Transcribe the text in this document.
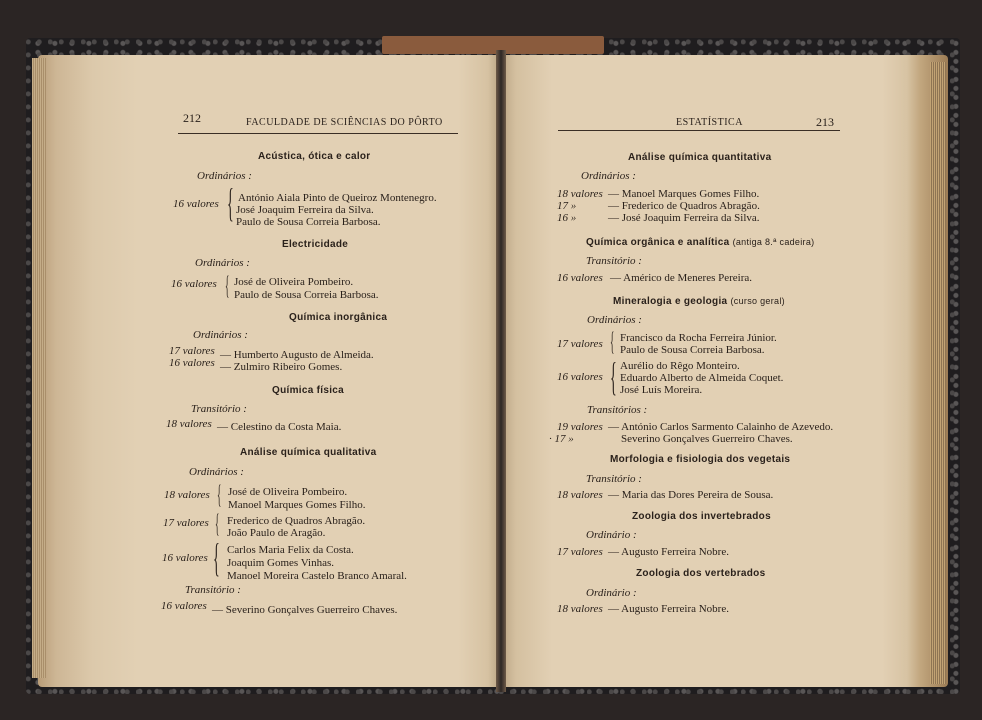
212	FACULDADE DE SCIÊNCIAS DO PÔRTO
Acústica, ótica e calor
Ordinários :
16 valores { António Aiala Pinto de Queiroz Montenegro.
José Joaquim Ferreira da Silva.
Paulo de Sousa Correia Barbosa.
Electricidade
Ordinários :
16 valores { José de Oliveira Pombeiro.
Paulo de Sousa Correia Barbosa.
Química inorgânica
Ordinários :
17 valores — Humberto Augusto de Almeida.
16 valores — Zulmiro Ribeiro Gomes.
Química física
Transitório :
18 valores — Celestino da Costa Maia.
Análise química qualitativa
Ordinários :
18 valores { José de Oliveira Pombeiro.
Manoel Marques Gomes Filho.
17 valores { Frederico de Quadros Abragão.
João Paulo de Aragão.
16 valores { Carlos Maria Felix da Costa.
Joaquim Gomes Vinhas.
Manoel Moreira Castelo Branco Amaral.
Transitório :
16 valores — Severino Gonçalves Guerreiro Chaves.
ESTATÍSTICA	213
Análise química quantitativa
Ordinários :
18 valores — Manoel Marques Gomes Filho.
17 »	— Frederico de Quadros Abragão.
16 »	— José Joaquim Ferreira da Silva.
Química orgânica e analítica (antiga 8.ª cadeira)
Transitório :
16 valores — Américo de Meneres Pereira.
Mineralogia e geologia (curso geral)
Ordinários :
17 valores { Francisco da Rocha Ferreira Júnior.
Paulo de Sousa Correia Barbosa.
16 valores { Aurélio do Rêgo Monteiro.
Eduardo Alberto de Almeida Coquet.
José Luís Moreira.
Transitórios :
19 valores — António Carlos Sarmento Calainho de Azevedo.
· 17 »	Severino Gonçalves Guerreiro Chaves.
Morfologia e fisiologia dos vegetais
Transitório :
18 valores — Maria das Dores Pereira de Sousa.
Zoologia dos invertebrados
Ordinário :
17 valores — Augusto Ferreira Nobre.
Zoologia dos vertebrados
Ordinário :
18 valores — Augusto Ferreira Nobre.
